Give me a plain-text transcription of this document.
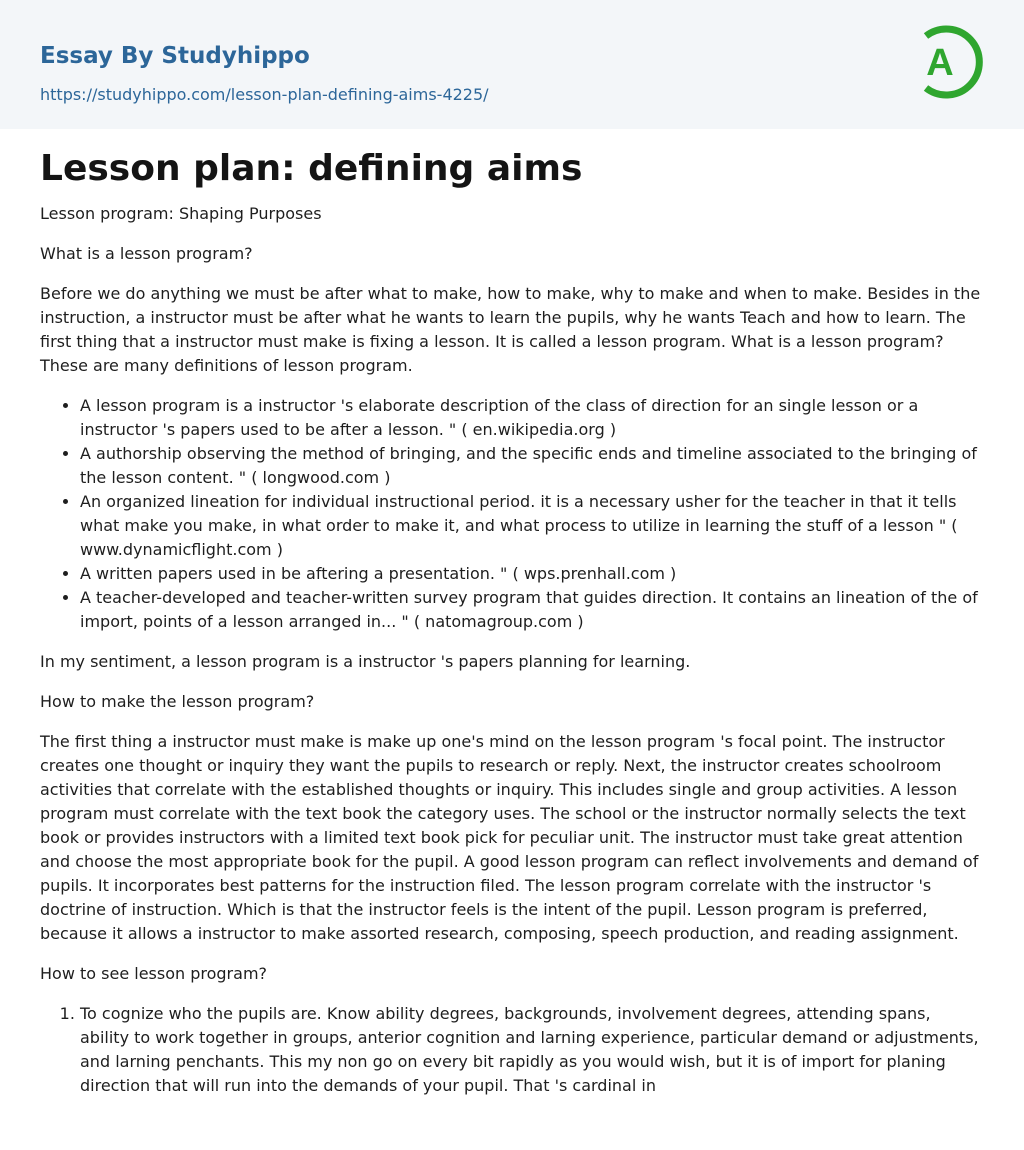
Essay By Studyhippo
https://studyhippo.com/lesson-plan-defining-aims-4225/
A
Lesson plan: defining aims

Lesson program: Shaping Purposes

What is a lesson program?

Before we do anything we must be after what to make, how to make, why to make and when to make. Besides in the instruction, a instructor must be after what he wants to learn the pupils, why he wants Teach and how to learn. The first thing that a instructor must make is fixing a lesson. It is called a lesson program. What is a lesson program? These are many definitions of lesson program.

• A lesson program is a instructor 's elaborate description of the class of direction for an single lesson or a instructor 's papers used to be after a lesson. " ( en.wikipedia.org )
• A authorship observing the method of bringing, and the specific ends and timeline associated to the bringing of the lesson content. " ( longwood.com )
• An organized lineation for individual instructional period. it is a necessary usher for the teacher in that it tells what make you make, in what order to make it, and what process to utilize in learning the stuff of a lesson " ( www.dynamicflight.com )
• A written papers used in be aftering a presentation. " ( wps.prenhall.com )
• A teacher-developed and teacher-written survey program that guides direction. It contains an lineation of the of import, points of a lesson arranged in... " ( natomagroup.com )

In my sentiment, a lesson program is a instructor 's papers planning for learning.

How to make the lesson program?

The first thing a instructor must make is make up one's mind on the lesson program 's focal point. The instructor creates one thought or inquiry they want the pupils to research or reply. Next, the instructor creates schoolroom activities that correlate with the established thoughts or inquiry. This includes single and group activities. A lesson program must correlate with the text book the category uses. The school or the instructor normally selects the text book or provides instructors with a limited text book pick for peculiar unit. The instructor must take great attention and choose the most appropriate book for the pupil. A good lesson program can reflect involvements and demand of pupils. It incorporates best patterns for the instruction filed. The lesson program correlate with the instructor 's doctrine of instruction. Which is that the instructor feels is the intent of the pupil. Lesson program is preferred, because it allows a instructor to make assorted research, composing, speech production, and reading assignment.

How to see lesson program?

1. To cognize who the pupils are. Know ability degrees, backgrounds, involvement degrees, attending spans, ability to work together in groups, anterior cognition and larning experience, particular demand or adjustments, and larning penchants. This my non go on every bit rapidly as you would wish, but it is of import for planing direction that will run into the demands of your pupil. That 's cardinal in
